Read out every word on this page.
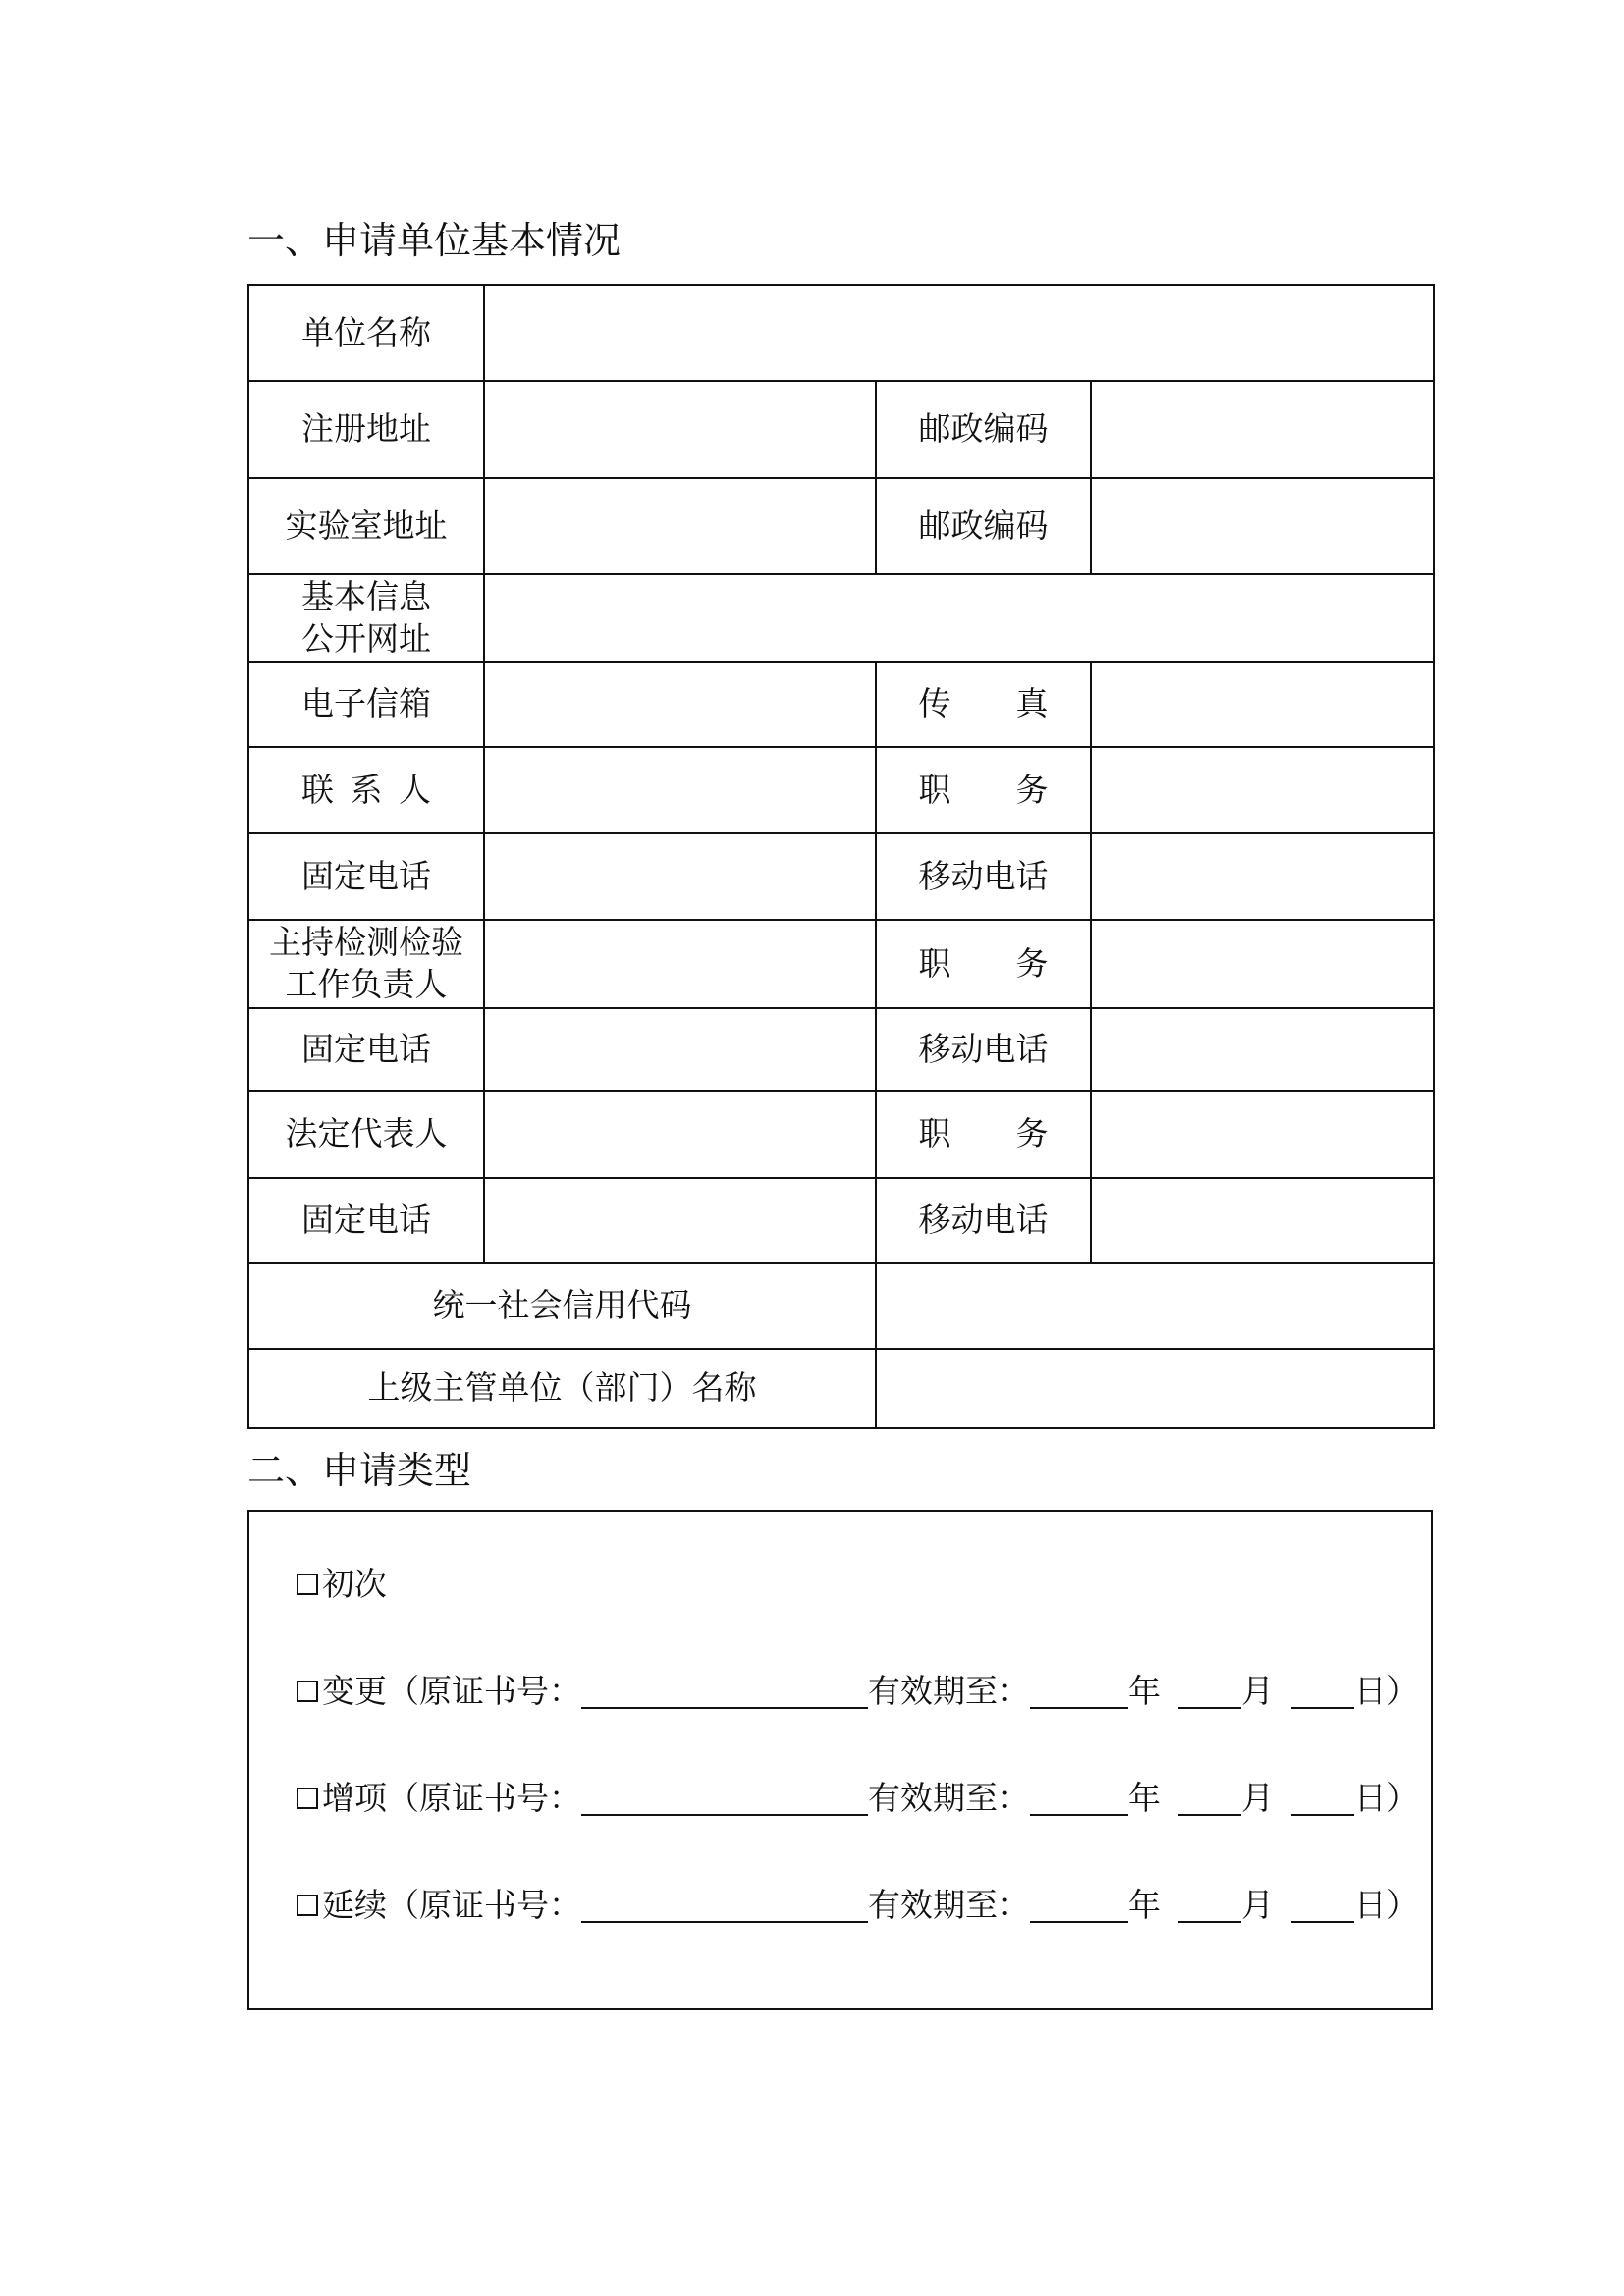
一、申请单位基本情况
单位名称			
注册地址		邮政编码	
实验室地址		邮政编码	

基本信息
公开网址			

电子信箱		传真	
联系人		职务	
固定电话		移动电话	

主持检测检验
工作负责人		职务	
固定电话		移动电话	
法定代表人		职务	
固定电话		移动电话	
统一社会信用代码			
上级主管单位（部门）名称			
二、申请类型
初次
变更（原证书号：	有效期至：	年 月 日）
增项（原证书号：	有效期至：	年 月 日）
延续（原证书号：	有效期至：	年 月 日）
